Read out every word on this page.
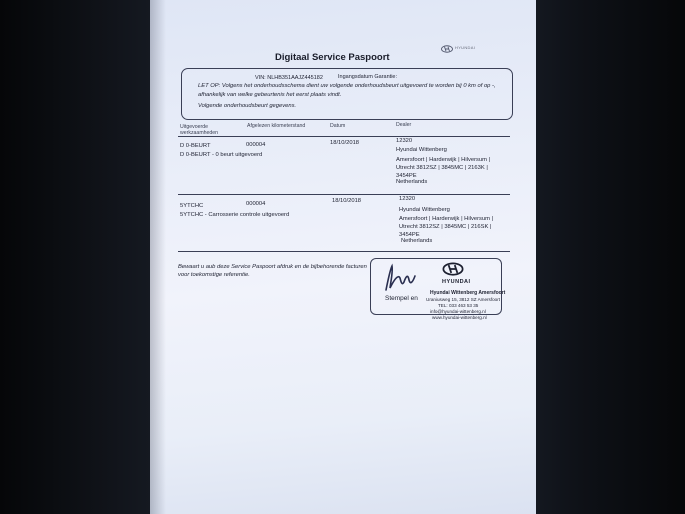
Digitaal Service Paspoort
HYUNDAI
VIN: NLHB351AAJZ445182	Ingangsdatum Garantie:
LET OP: Volgens het onderhoudsschema dient uw volgende onderhoudsbeurt uitgevoerd te worden bij 0 km of op -, afhankelijk van welke gebeurtenis het eerst plaats vindt.
Volgende onderhoudsbeurt gegevens.
Uitgevoerde
werkzaamheden
Afgelezen kilometerstand	Datum	Dealer
D 0-BEURT	000004	18/10/2018	12320
D 0-BEURT - 0 beurt uitgevoerd
Hyundai Wittenberg
Amersfoort | Harderwijk | Hilversum | Utrecht 3812SZ | 3845MC | 2163K | 3454PE
Netherlands
5YTCHC	000004	18/10/2018	12320
5YTCHC - Carrosserie controle uitgevoerd
Hyundai Wittenberg
Amersfoort | Harderwijk | Hilversum | Utrecht 3812SZ | 3845MC | 216SK | 3454PE
Netherlands
Bewaart u aub deze Service Paspoort afdruk en de bijbehorende facturen voor toekomstige referentie.
Stempel en
HYUNDAI
Hyundai Wittenberg Amersfoort
Uraniusweg 15, 3812 SZ Amersfoort
TEL: 033 463 53 35
info@hyundai-wittenberg.nl
www.hyundai-wittenberg.nl
